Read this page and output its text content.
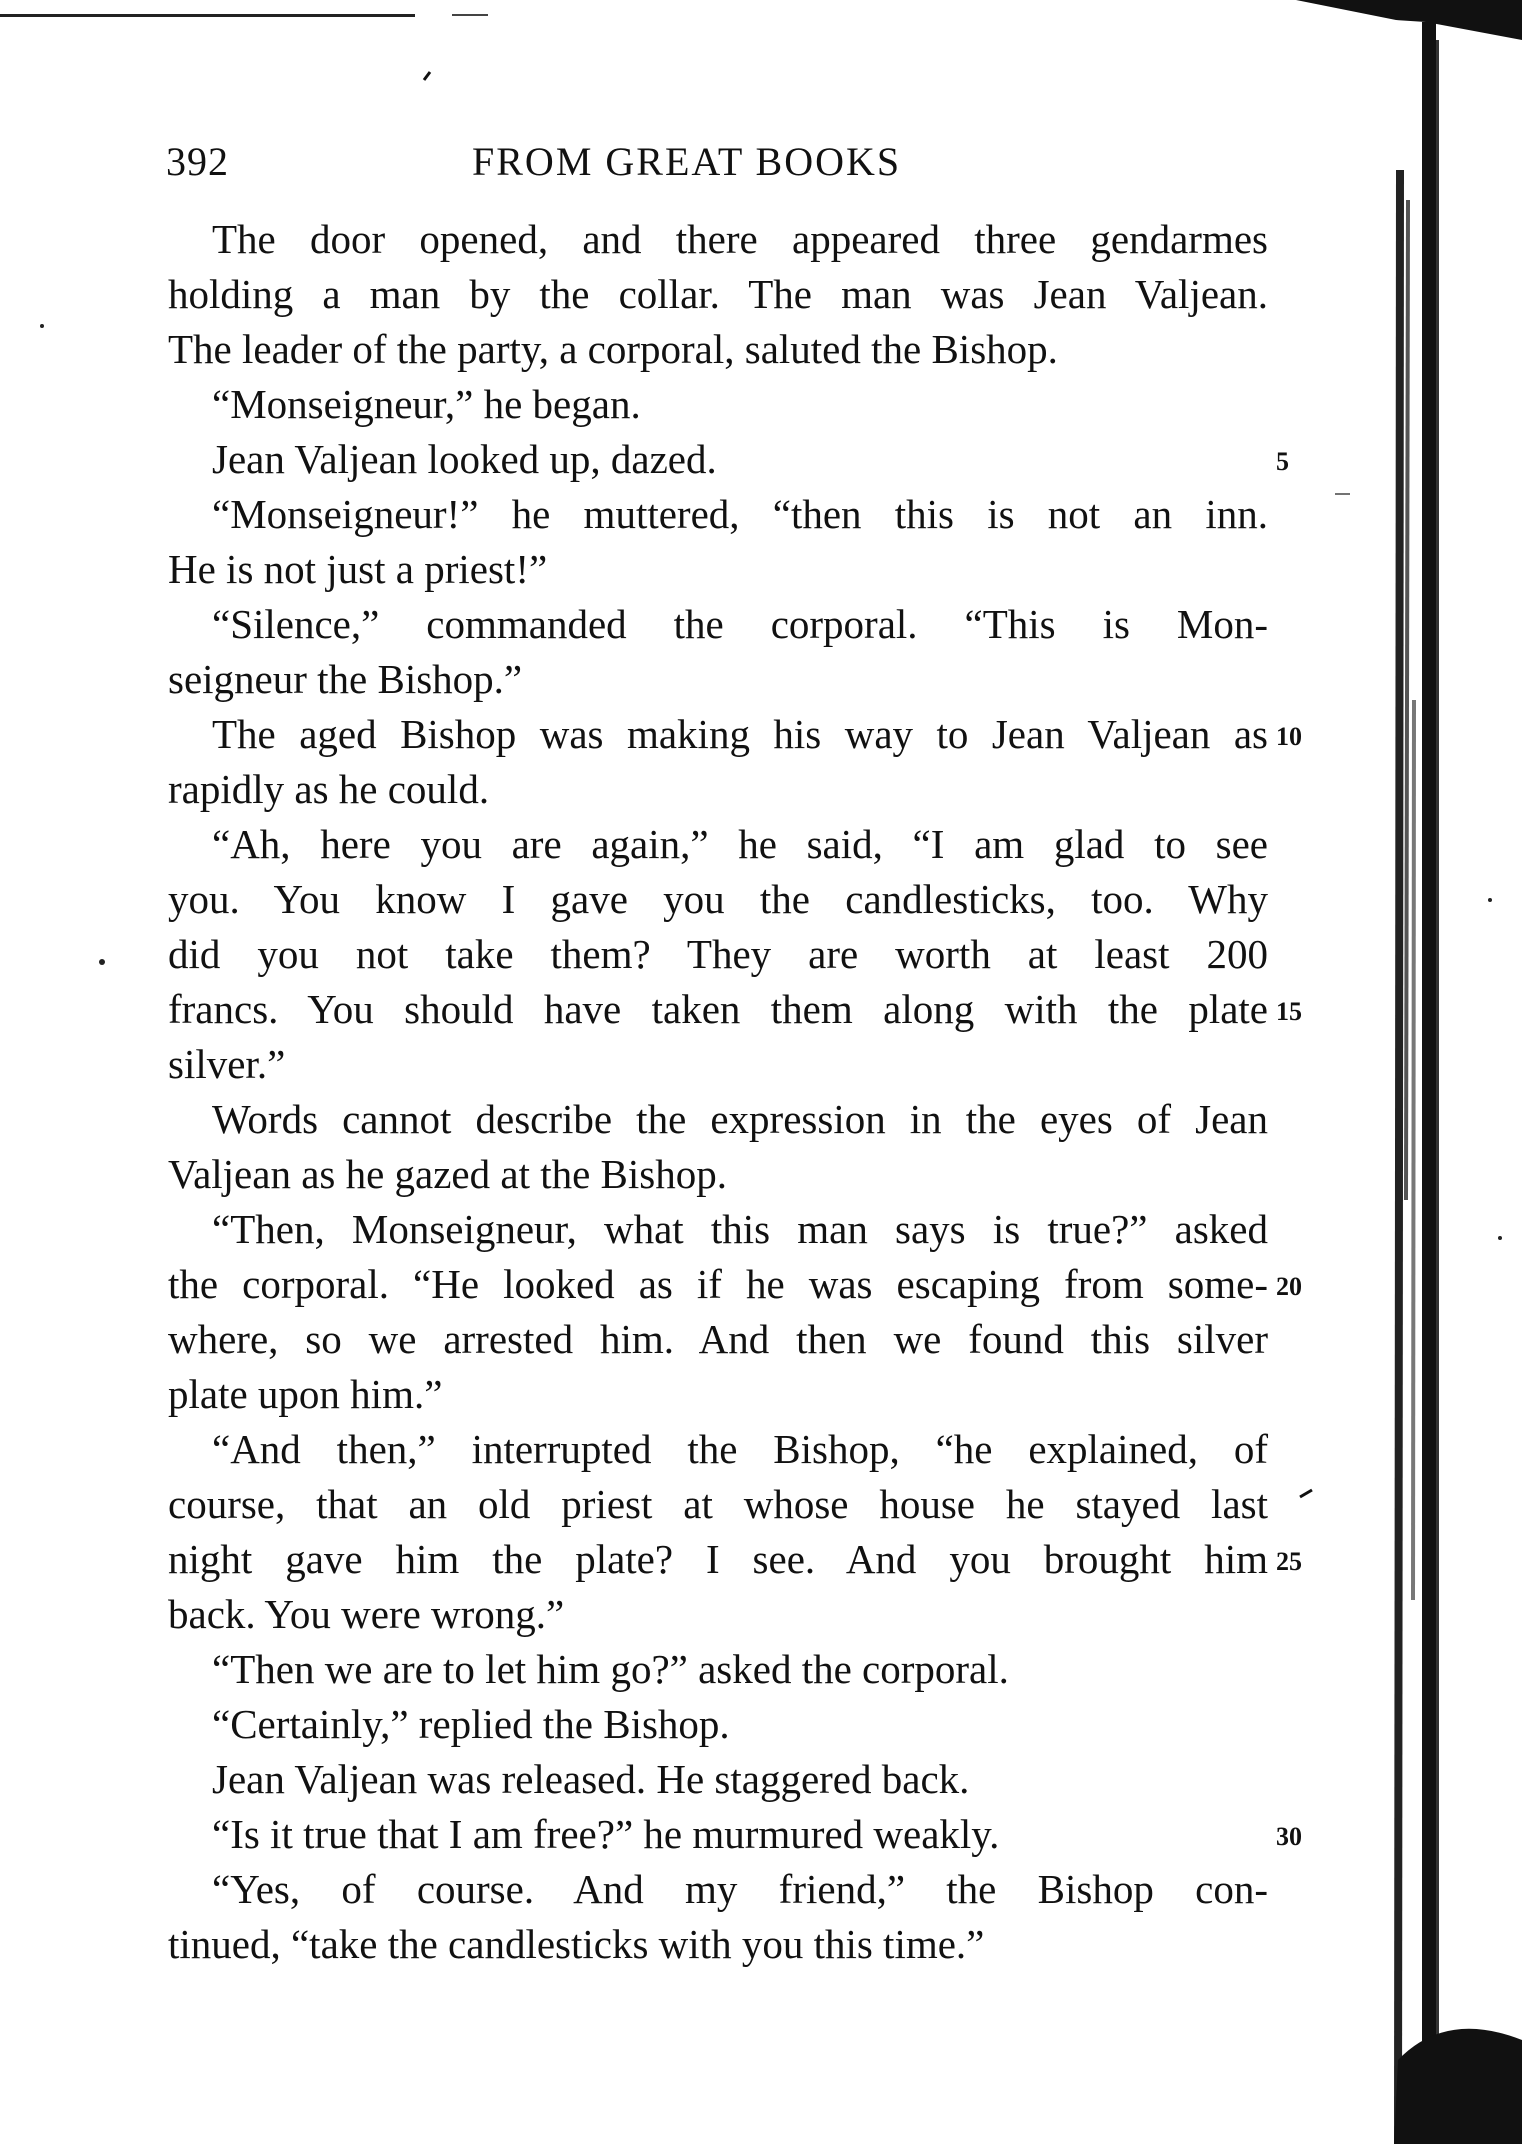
392	FROM GREAT BOOKS
The door opened, and there appeared three gendarmes
holding a man by the collar. The man was Jean Valjean.
The leader of the party, a corporal, saluted the Bishop.
“Monseigneur,” he began.
Jean Valjean looked up, dazed.	5
“Monseigneur!” he muttered, “then this is not an inn.
He is not just a priest!”
“Silence,” commanded the corporal. “This is Mon-
seigneur the Bishop.”
The aged Bishop was making his way to Jean Valjean as 10
rapidly as he could.
“Ah, here you are again,” he said, “I am glad to see
you. You know I gave you the candlesticks, too. Why
did you not take them? They are worth at least 200
francs. You should have taken them along with the plate 15
silver.”
Words cannot describe the expression in the eyes of Jean
Valjean as he gazed at the Bishop.
“Then, Monseigneur, what this man says is true?” asked
the corporal. “He looked as if he was escaping from some- 20
where, so we arrested him. And then we found this silver
plate upon him.”
“And then,” interrupted the Bishop, “he explained, of
course, that an old priest at whose house he stayed last
night gave him the plate? I see. And you brought him 25
back. You were wrong.”
“Then we are to let him go?” asked the corporal.
“Certainly,” replied the Bishop.
Jean Valjean was released. He staggered back.
“Is it true that I am free?” he murmured weakly.	30
“Yes, of course. And my friend,” the Bishop con-
tinued, “take the candlesticks with you this time.”
